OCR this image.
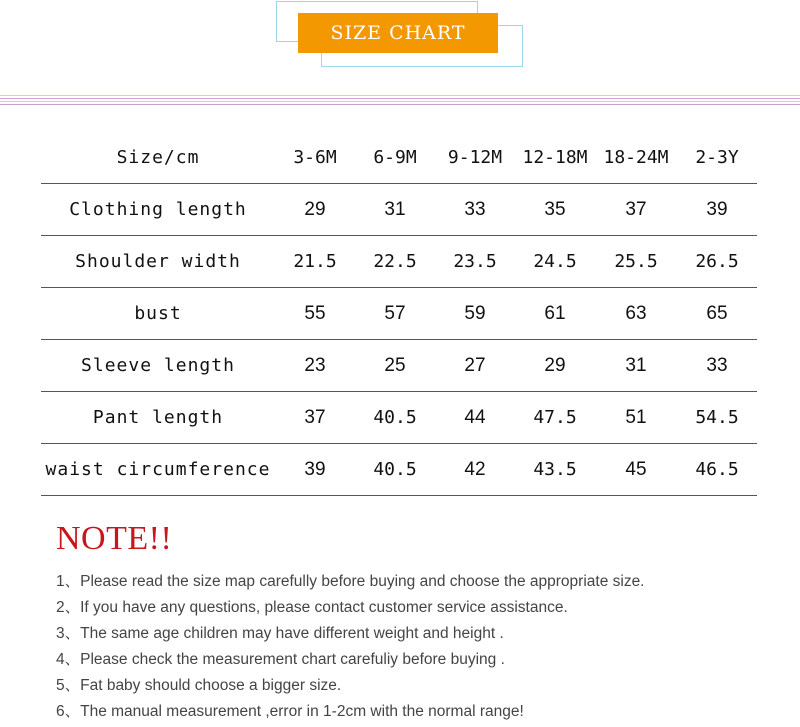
SIZE CHART
Size/cm	3-6M	6-9M	9-12M	12-18M	18-24M	2-3Y
Clothing length	29	31	33	35	37	39
Shoulder width	21.5	22.5	23.5	24.5	25.5	26.5
bust	55	57	59	61	63	65
Sleeve length	23	25	27	29	31	33
Pant length	37	40.5	44	47.5	51	54.5
waist circumference	39	40.5	42	43.5	45	46.5
NOTE!!
1、Please read the size map carefully before buying and choose the appropriate size.
2、If you have any questions, please contact customer service assistance.
3、The same age children may have different weight and height .
4、Please check the measurement chart carefuliy before buying .
5、Fat baby should choose a bigger size.
6、The manual measurement ,error in 1-2cm with the normal range!
